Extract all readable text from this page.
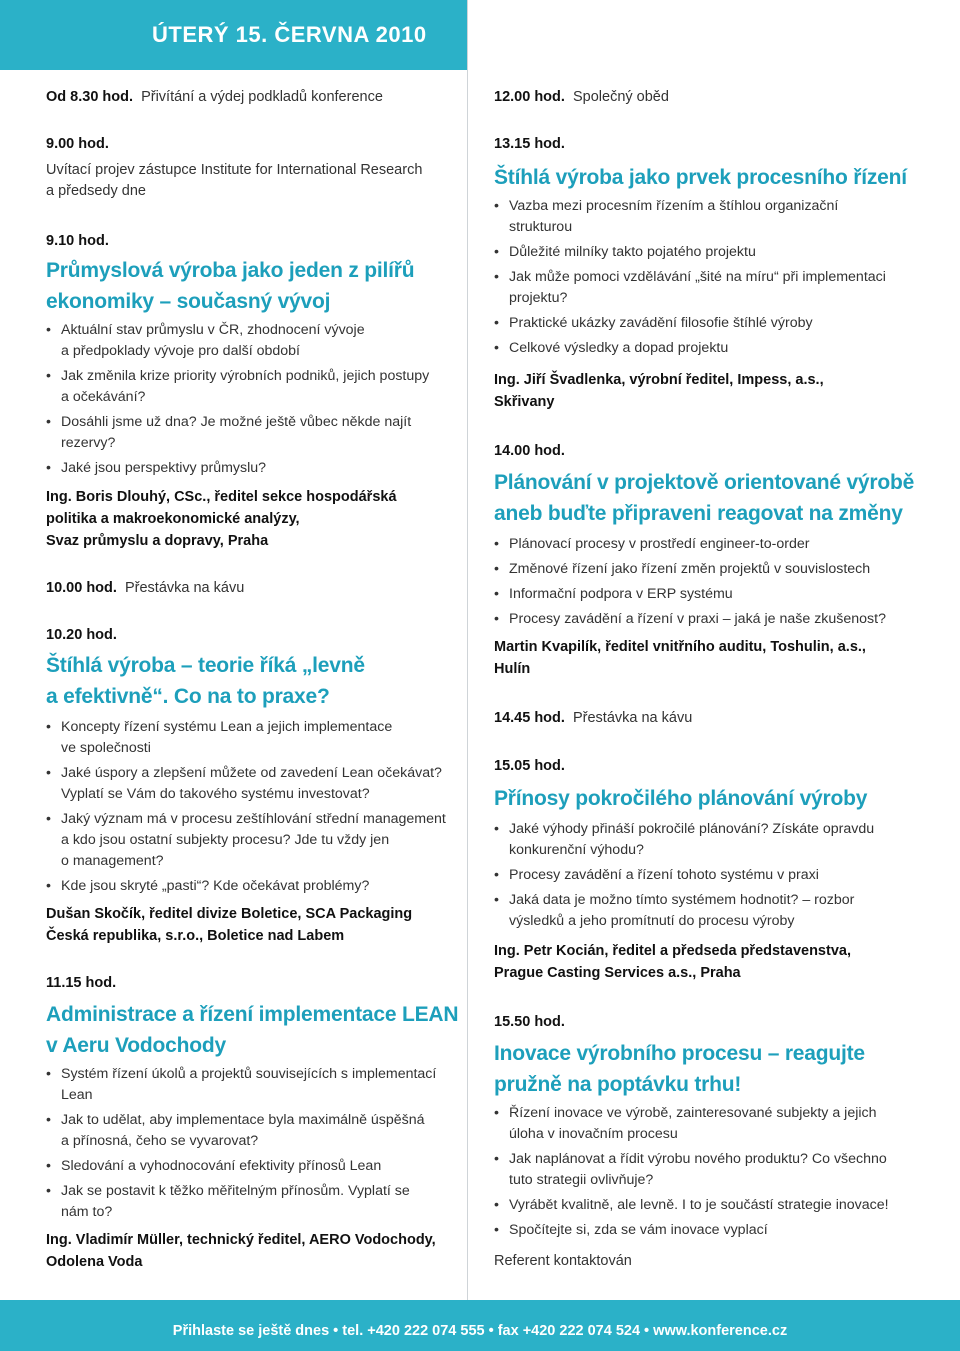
ÚTERÝ 15. ČERVNA 2010
Od 8.30 hod. Přivítání a výdej podkladů konference
9.00 hod.
Uvítací projev zástupce Institute for International Research
a předsedy dne
9.10 hod.
Průmyslová výroba jako jeden z pilířů
ekonomiky – současný vývoj
• Aktuální stav průmyslu v ČR, zhodnocení vývoje
a předpoklady vývoje pro další období
• Jak změnila krize priority výrobních podniků, jejich postupy
a očekávání?
• Dosáhli jsme už dna? Je možné ještě vůbec někde najít
rezervy?
• Jaké jsou perspektivy průmyslu?
Ing. Boris Dlouhý, CSc., ředitel sekce hospodářská
politika a makroekonomické analýzy,
Svaz průmyslu a dopravy, Praha
10.00 hod. Přestávka na kávu
10.20 hod.
Štíhlá výroba – teorie říká „levně
a efektivně“. Co na to praxe?
• Koncepty řízení systému Lean a jejich implementace
ve společnosti
• Jaké úspory a zlepšení můžete od zavedení Lean očekávat?
Vyplatí se Vám do takového systému investovat?
• Jaký význam má v procesu zeštíhlování střední management
a kdo jsou ostatní subjekty procesu? Jde tu vždy jen
o management?
• Kde jsou skryté „pasti“? Kde očekávat problémy?
Dušan Skočík, ředitel divize Boletice, SCA Packaging
Česká republika, s.r.o., Boletice nad Labem
11.15 hod.
Administrace a řízení implementace LEAN
v Aeru Vodochody
• Systém řízení úkolů a projektů souvisejících s implementací
Lean
• Jak to udělat, aby implementace byla maximálně úspěšná
a přínosná, čeho se vyvarovat?
• Sledování a vyhodnocování efektivity přínosů Lean
• Jak se postavit k těžko měřitelným přínosům. Vyplatí se
nám to?
Ing. Vladimír Müller, technický ředitel, AERO Vodochody,
Odolena Voda
12.00 hod. Společný oběd
13.15 hod.
Štíhlá výroba jako prvek procesního řízení
• Vazba mezi procesním řízením a štíhlou organizační
strukturou
• Důležité milníky takto pojatého projektu
• Jak může pomoci vzdělávání „šité na míru“ při implementaci
projektu?
• Praktické ukázky zavádění filosofie štíhlé výroby
• Celkové výsledky a dopad projektu
Ing. Jiří Švadlenka, výrobní ředitel, Impess, a.s.,
Skřivany
14.00 hod.
Plánování v projektově orientované výrobě
aneb buďte připraveni reagovat na změny
• Plánovací procesy v prostředí engineer-to-order
• Změnové řízení jako řízení změn projektů v souvislostech
• Informační podpora v ERP systému
• Procesy zavádění a řízení v praxi – jaká je naše zkušenost?
Martin Kvapilík, ředitel vnitřního auditu, Toshulin, a.s.,
Hulín
14.45 hod. Přestávka na kávu
15.05 hod.
Přínosy pokročilého plánování výroby
• Jaké výhody přináší pokročilé plánování? Získáte opravdu
konkurenční výhodu?
• Procesy zavádění a řízení tohoto systému v praxi
• Jaká data je možno tímto systémem hodnotit? – rozbor
výsledků a jeho promítnutí do procesu výroby
Ing. Petr Kocián, ředitel a předseda představenstva,
Prague Casting Services a.s., Praha
15.50 hod.
Inovace výrobního procesu – reagujte
pružně na poptávku trhu!
• Řízení inovace ve výrobě, zainteresované subjekty a jejich
úloha v inovačním procesu
• Jak naplánovat a řídit výrobu nového produktu? Co všechno
tuto strategii ovlivňuje?
• Vyrábět kvalitně, ale levně. I to je součástí strategie inovace!
• Spočítejte si, zda se vám inovace vyplací
Referent kontaktován
Přihlaste se ještě dnes • tel. +420 222 074 555 • fax +420 222 074 524 • www.konference.cz
